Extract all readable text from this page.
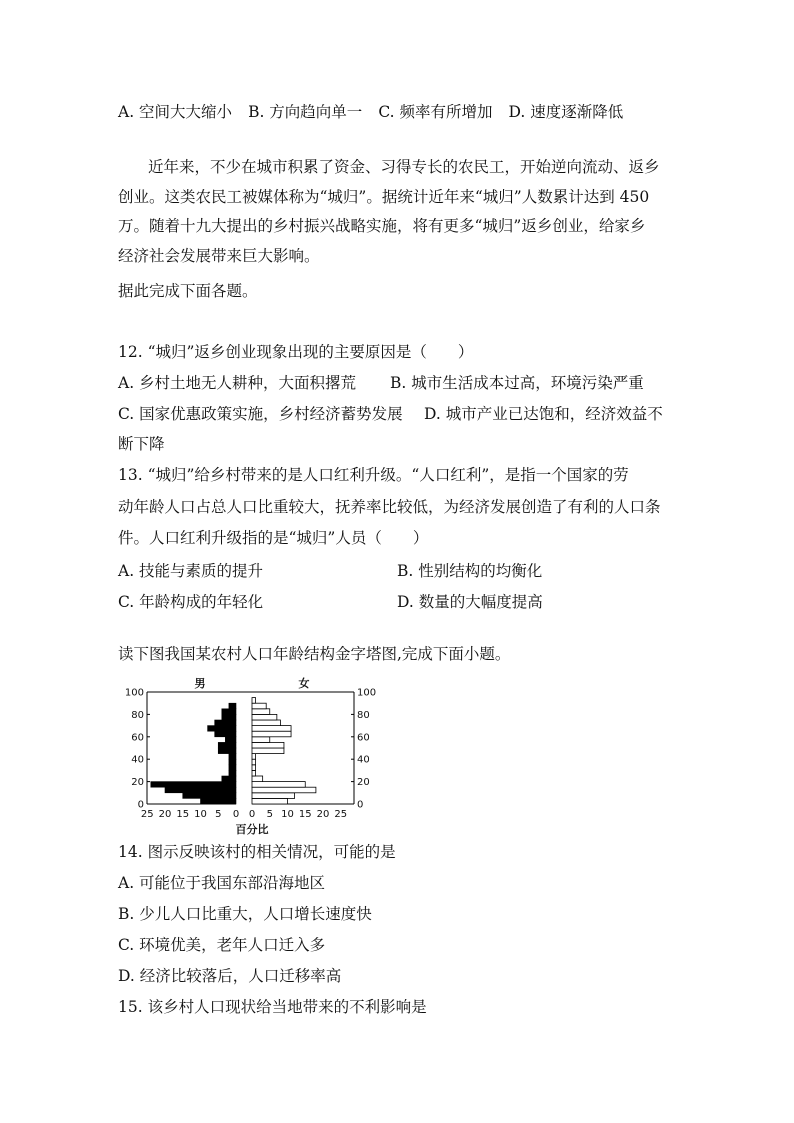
A. 空间大大缩小 B. 方向趋向单一 C. 频率有所增加 D. 速度逐渐降低
近年来，不少在城市积累了资金、习得专长的农民工，开始逆向流动、返乡
创业。这类农民工被媒体称为“城归”。据统计近年来“城归”人数累计达到 450
万。随着十九大提出的乡村振兴战略实施，将有更多“城归”返乡创业，给家乡
经济社会发展带来巨大影响。
据此完成下面各题。
12. “城归”返乡创业现象出现的主要原因是（　　）
A. 乡村土地无人耕种，大面积撂荒 B. 城市生活成本过高，环境污染严重
C. 国家优惠政策实施，乡村经济蓄势发展 D. 城市产业已达饱和，经济效益不
断下降
13. “城归”给乡村带来的是人口红利升级。“人口红利”，是指一个国家的劳
动年龄人口占总人口比重较大，抚养率比较低，为经济发展创造了有利的人口条
件。人口红利升级指的是“城归”人员（　　）
A. 技能与素质的提升	B. 性别结构的均衡化
C. 年龄构成的年轻化	D. 数量的大幅度提高
读下图我国某农村人口年龄结构金字塔图,完成下面小题。
男	女
百分比
0	0
20	20
40	40
60	60
80	80
100	100
25 20 15 10 5 0 0 5 10 15 20 25
14. 图示反映该村的相关情况，可能的是
A. 可能位于我国东部沿海地区
B. 少儿人口比重大，人口增长速度快
C. 环境优美，老年人口迁入多
D. 经济比较落后，人口迁移率高
15. 该乡村人口现状给当地带来的不利影响是
